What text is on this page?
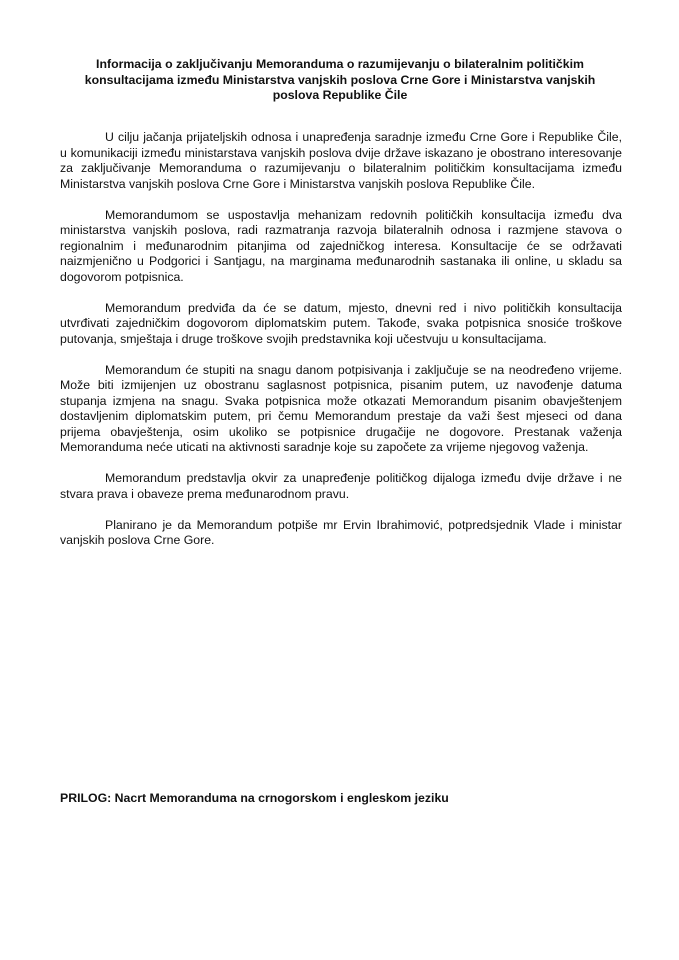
Informacija o zaključivanju Memoranduma o razumijevanju o bilateralnim političkim konsultacijama između Ministarstva vanjskih poslova Crne Gore i Ministarstva vanjskih poslova Republike Čile

U cilju jačanja prijateljskih odnosa i unapređenja saradnje između Crne Gore i Republike Čile, u komunikaciji između ministarstava vanjskih poslova dvije države iskazano je obostrano interesovanje za zaključivanje Memoranduma o razumijevanju o bilateralnim političkim konsultacijama između Ministarstva vanjskih poslova Crne Gore i Ministarstva vanjskih poslova Republike Čile.

Memorandumom se uspostavlja mehanizam redovnih političkih konsultacija između dva ministarstva vanjskih poslova, radi razmatranja razvoja bilateralnih odnosa i razmjene stavova o regionalnim i međunarodnim pitanjima od zajedničkog interesa. Konsultacije će se održavati naizmjenično u Podgorici i Santjagu, na marginama međunarodnih sastanaka ili online, u skladu sa dogovorom potpisnica.

Memorandum predviđa da će se datum, mjesto, dnevni red i nivo političkih konsultacija utvrđivati zajedničkim dogovorom diplomatskim putem. Takođe, svaka potpisnica snosiće troškove putovanja, smještaja i druge troškove svojih predstavnika koji učestvuju u konsultacijama.

Memorandum će stupiti na snagu danom potpisivanja i zaključuje se na neodređeno vrijeme. Može biti izmijenjen uz obostranu saglasnost potpisnica, pisanim putem, uz navođenje datuma stupanja izmjena na snagu. Svaka potpisnica može otkazati Memorandum pisanim obavještenjem dostavljenim diplomatskim putem, pri čemu Memorandum prestaje da važi šest mjeseci od dana prijema obavještenja, osim ukoliko se potpisnice drugačije ne dogovore. Prestanak važenja Memoranduma neće uticati na aktivnosti saradnje koje su započete za vrijeme njegovog važenja.

Memorandum predstavlja okvir za unapređenje političkog dijaloga između dvije države i ne stvara prava i obaveze prema međunarodnom pravu.

Planirano je da Memorandum potpiše mr Ervin Ibrahimović, potpredsjednik Vlade i ministar vanjskih poslova Crne Gore.

PRILOG: Nacrt Memoranduma na crnogorskom i engleskom jeziku
